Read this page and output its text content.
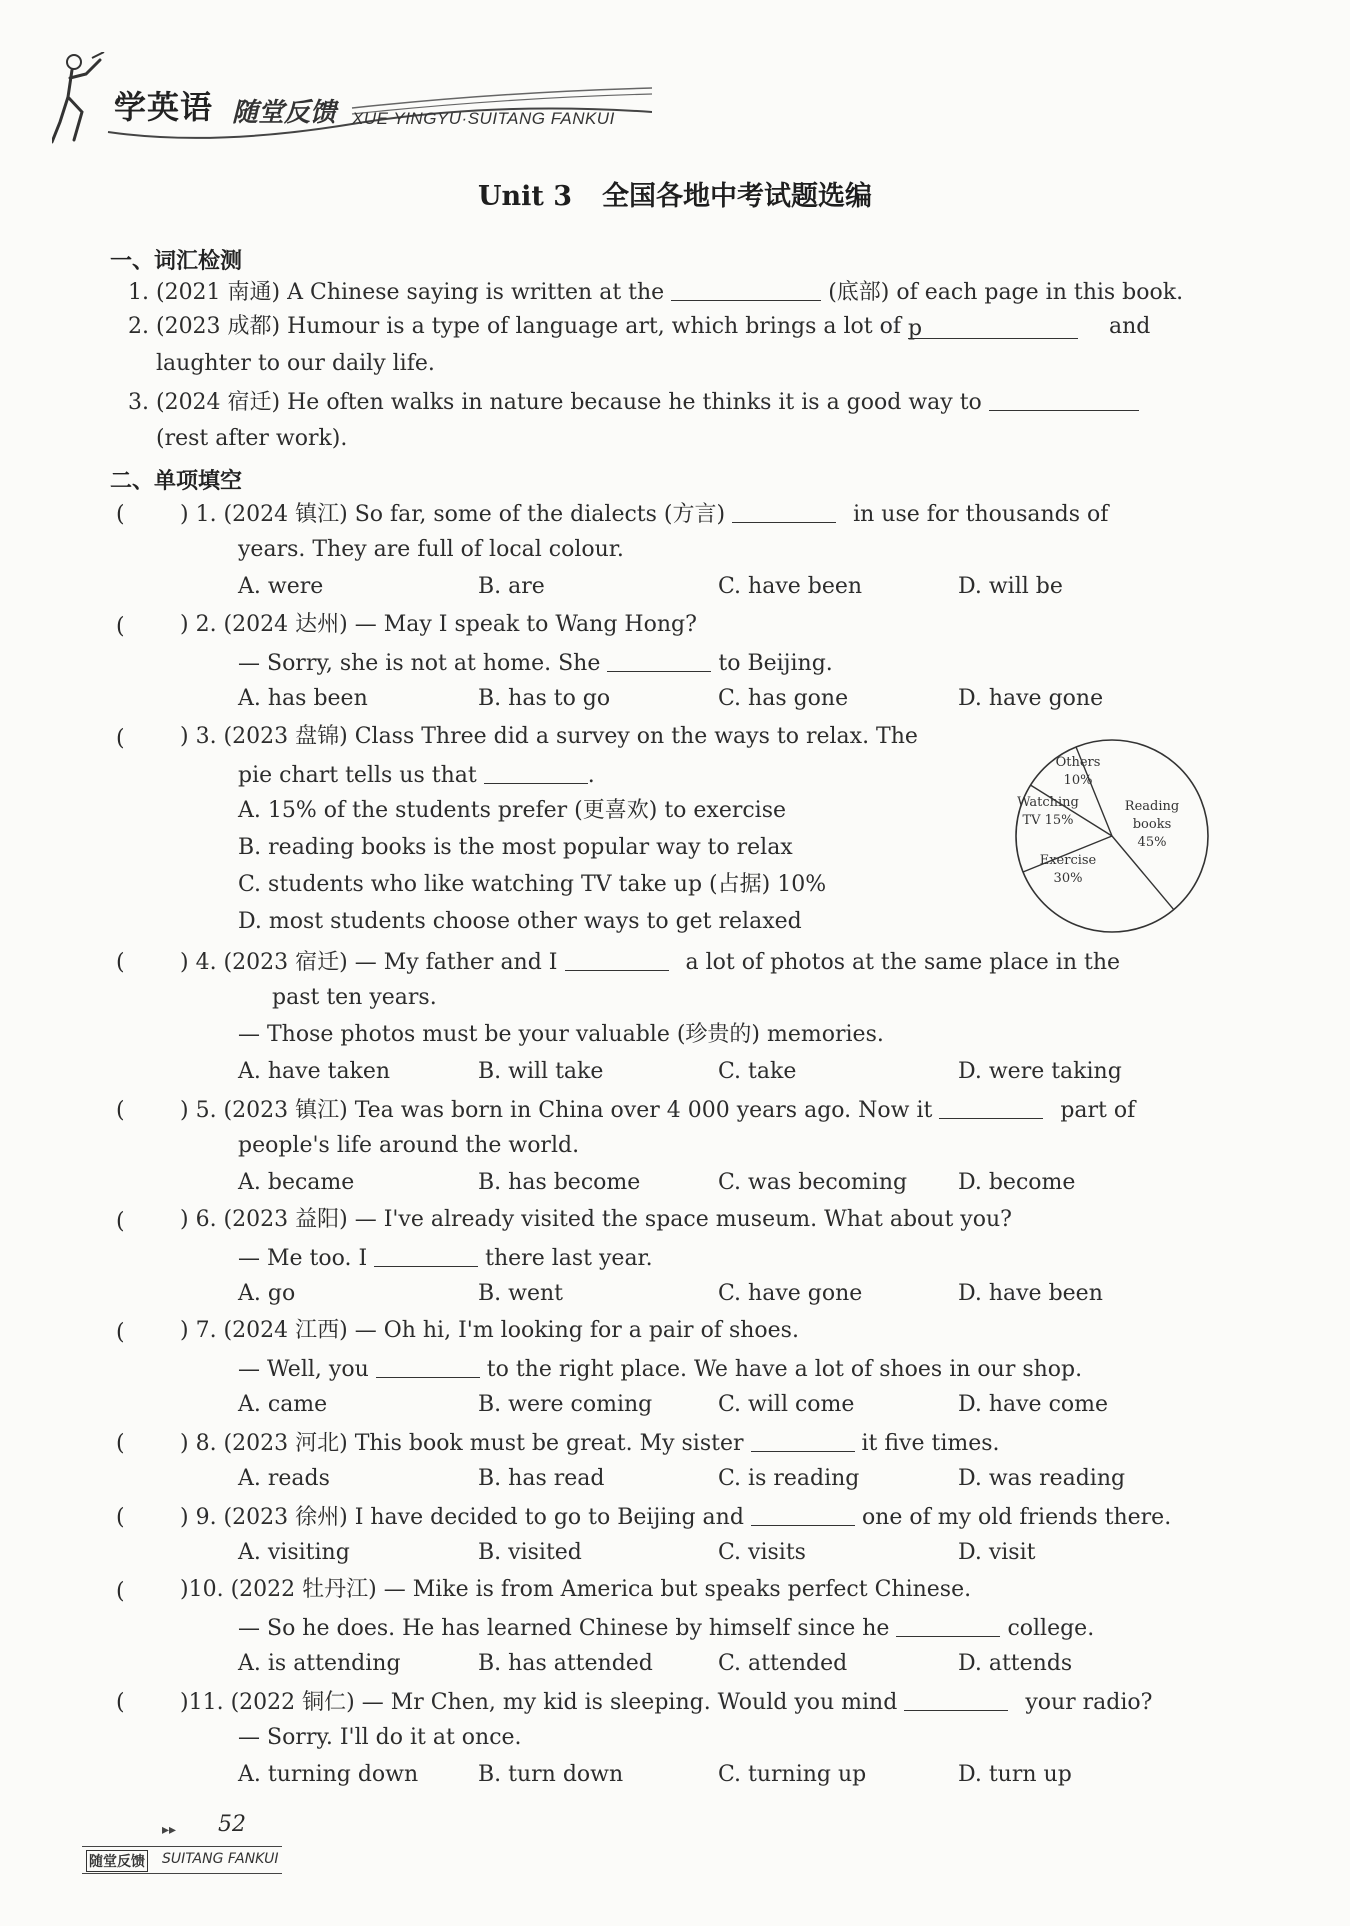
学英语 随堂反馈 XUE YINGYU·SUITANG FANKUI
Unit 3 全国各地中考试题选编
一、词汇检测
1. (2021 南通) A Chinese saying is written at the	(底部) of each page in this book.
2. (2023 成都) Humour is a type of language art, which brings a lot of p	and
laughter to our daily life.
3. (2024 宿迁) He often walks in nature because he thinks it is a good way to
(rest after work).
二、单项填空
(	) 1. (2024 镇江) So far, some of the dialects (方言)	in use for thousands of
years. They are full of local colour.
A. were	B. are	C. have been	D. will be
(	) 2. (2024 达州) — May I speak to Wang Hong?
— Sorry, she is not at home. She	to Beijing.
A. has been	B. has to go	C. has gone	D. have gone
(	) 3. (2023 盘锦) Class Three did a survey on the ways to relax. The
pie chart tells us that	.
A. 15% of the students prefer (更喜欢) to exercise
B. reading books is the most popular way to relax
C. students who like watching TV take up (占据) 10%
D. most students choose other ways to get relaxed
Reading books 45%
Exercise 30%
Watching TV 15%
Others 10%
(	) 4. (2023 宿迁) — My father and I	a lot of photos at the same place in the
past ten years.
— Those photos must be your valuable (珍贵的) memories.
A. have taken	B. will take	C. take	D. were taking
(	) 5. (2023 镇江) Tea was born in China over 4 000 years ago. Now it	part of
people's life around the world.
A. became	B. has become	C. was becoming D. become
(	) 6. (2023 益阳) — I've already visited the space museum. What about you?
— Me too. I	there last year.
A. go	B. went	C. have gone	D. have been
(	) 7. (2024 江西) — Oh hi, I'm looking for a pair of shoes.
— Well, you	to the right place. We have a lot of shoes in our shop.
A. came	B. were coming	C. will come	D. have come
(	) 8. (2023 河北) This book must be great. My sister	it five times.
A. reads	B. has read	C. is reading	D. was reading
(	) 9. (2023 徐州) I have decided to go to Beijing and	one of my old friends there.
A. visiting	B. visited	C. visits	D. visit
(	)10. (2022 牡丹江) — Mike is from America but speaks perfect Chinese.
— So he does. He has learned Chinese by himself since he	college.
A. is attending	B. has attended	C. attended	D. attends
(	)11. (2022 铜仁) — Mr Chen, my kid is sleeping. Would you mind	your radio?
— Sorry. I'll do it at once.
A. turning down	B. turn down	C. turning up	D. turn up
▸▸ 52
随堂反馈 SUITANG FANKUI
